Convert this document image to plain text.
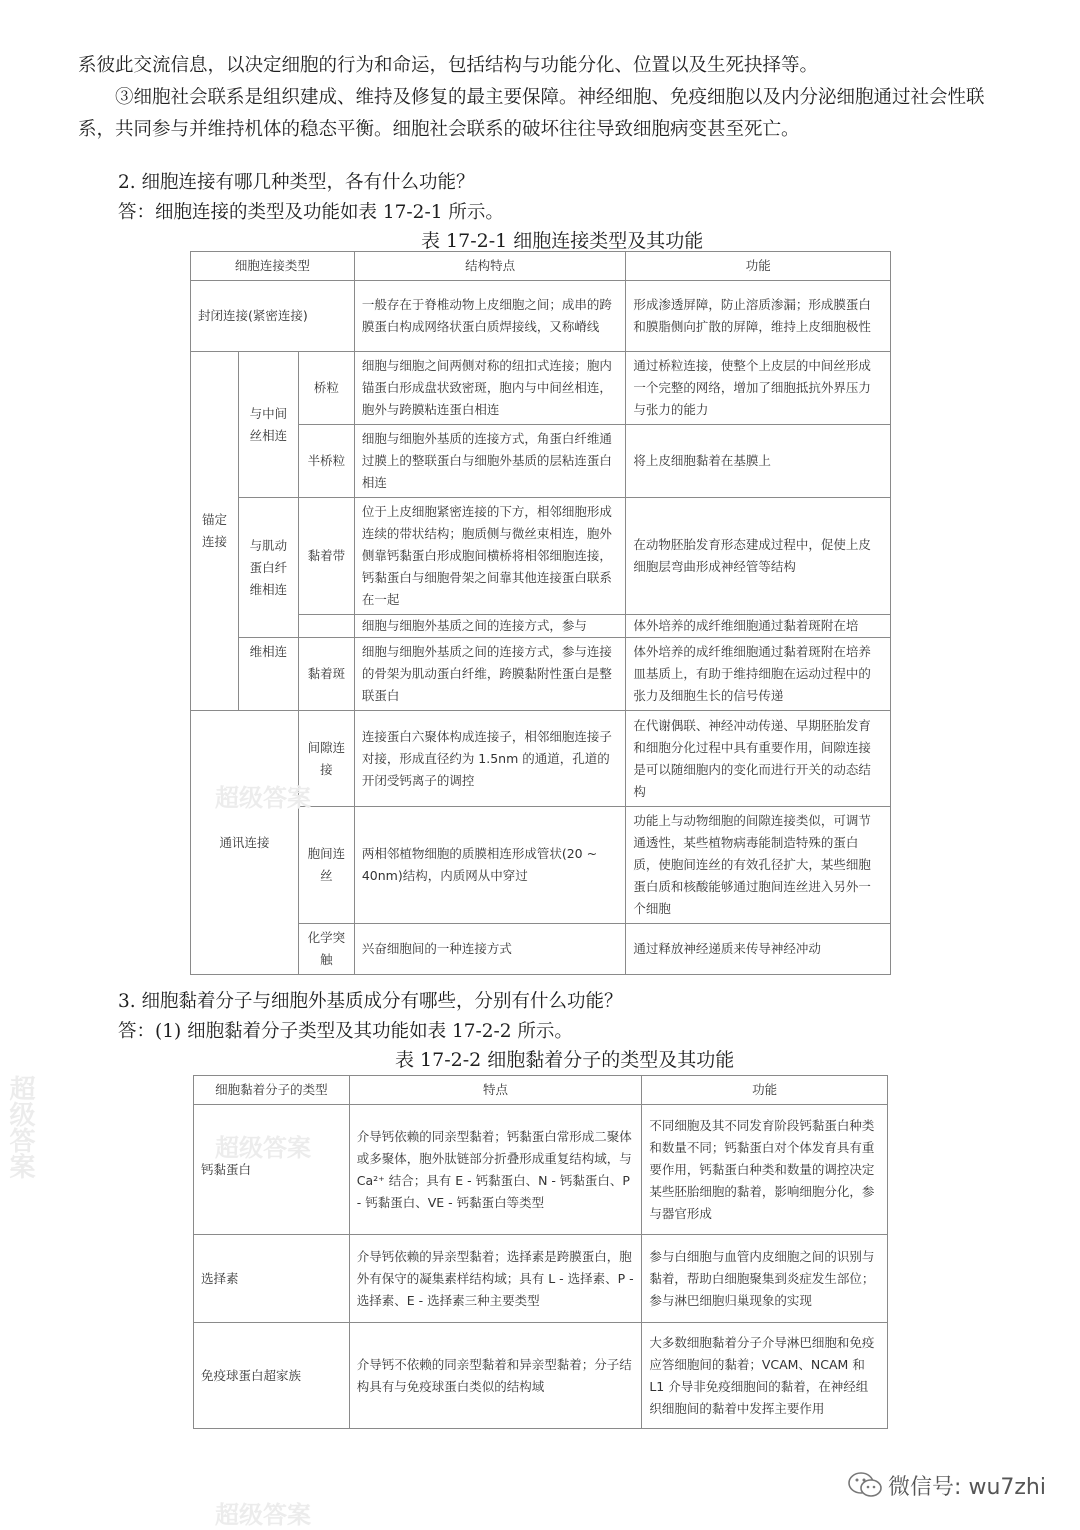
系彼此交流信息，以决定细胞的行为和命运，包括结构与功能分化、位置以及生死抉择等。
③细胞社会联系是组织建成、维持及修复的最主要保障。神经细胞、免疫细胞以及内分泌细胞通过社会性联系，共同参与并维持机体的稳态平衡。细胞社会联系的破坏往往导致细胞病变甚至死亡。
2. 细胞连接有哪几种类型，各有什么功能？
答：细胞连接的类型及功能如表 17-2-1 所示。
表 17-2-1 细胞连接类型及其功能
细胞连接类型			结构特点	功能
封闭连接(紧密连接)			一般存在于脊椎动物上皮细胞之间；成串的跨膜蛋白构成网络状蛋白质焊接线，又称嵴线	形成渗透屏障，防止溶质渗漏；形成膜蛋白和膜脂侧向扩散的屏障，维持上皮细胞极性
锚定连接	与中间丝相连	桥粒	细胞与细胞之间两侧对称的纽扣式连接；胞内锚蛋白形成盘状致密斑，胞内与中间丝相连，胞外与跨膜粘连蛋白相连	通过桥粒连接，使整个上皮层的中间丝形成一个完整的网络，增加了细胞抵抗外界压力与张力的能力
		半桥粒	细胞与细胞外基质的连接方式，角蛋白纤维通过膜上的整联蛋白与细胞外基质的层粘连蛋白相连	将上皮细胞黏着在基膜上
	与肌动蛋白纤维相连	黏着带	位于上皮细胞紧密连接的下方，相邻细胞形成连续的带状结构；胞质侧与微丝束相连，胞外侧靠钙黏蛋白形成胞间横桥将相邻细胞连接，钙黏蛋白与细胞骨架之间靠其他连接蛋白联系在一起	在动物胚胎发育形态建成过程中，促使上皮细胞层弯曲形成神经管等结构
			细胞与细胞外基质之间的连接方式，参与	体外培养的成纤维细胞通过黏着斑附在培
	维相连	黏着斑	细胞与细胞外基质之间的连接方式，参与连接的骨架为肌动蛋白纤维，跨膜黏附性蛋白是整联蛋白	体外培养的成纤维细胞通过黏着斑附在培养皿基质上，有助于维持细胞在运动过程中的张力及细胞生长的信号传递
通讯连接		间隙连接	连接蛋白六聚体构成连接子，相邻细胞连接子对接，形成直径约为 1.5nm 的通道，孔道的开闭受钙离子的调控	在代谢偶联、神经冲动传递、早期胚胎发育和细胞分化过程中具有重要作用，间隙连接是可以随细胞内的变化而进行开关的动态结构
		胞间连丝	两相邻植物细胞的质膜相连形成管状(20 ~ 40nm)结构，内质网从中穿过	功能上与动物细胞的间隙连接类似，可调节通透性，某些植物病毒能制造特殊的蛋白质，使胞间连丝的有效孔径扩大，某些细胞蛋白质和核酸能够通过胞间连丝进入另外一个细胞
		化学突触	兴奋细胞间的一种连接方式	通过释放神经递质来传导神经冲动
3. 细胞黏着分子与细胞外基质成分有哪些，分别有什么功能？
答：(1) 细胞黏着分子类型及其功能如表 17-2-2 所示。
表 17-2-2 细胞黏着分子的类型及其功能
细胞黏着分子的类型	特点	功能
钙黏蛋白	介导钙依赖的同亲型黏着；钙黏蛋白常形成二聚体或多聚体，胞外肽链部分折叠形成重复结构域，与 Ca²⁺ 结合；具有 E - 钙黏蛋白、N - 钙黏蛋白、P - 钙黏蛋白、VE - 钙黏蛋白等类型	不同细胞及其不同发育阶段钙黏蛋白种类和数量不同；钙黏蛋白对个体发育具有重要作用，钙黏蛋白种类和数量的调控决定某些胚胎细胞的黏着，影响细胞分化，参与器官形成
选择素	介导钙依赖的异亲型黏着；选择素是跨膜蛋白，胞外有保守的凝集素样结构域；具有 L - 选择素、P - 选择素、E - 选择素三种主要类型	参与白细胞与血管内皮细胞之间的识别与黏着，帮助白细胞聚集到炎症发生部位；参与淋巴细胞归巢现象的实现
免疫球蛋白超家族	介导钙不依赖的同亲型黏着和异亲型黏着；分子结构具有与免疫球蛋白类似的结构域	大多数细胞黏着分子介导淋巴细胞和免疫应答细胞间的黏着；VCAM、NCAM 和 L1 介导非免疫细胞间的黏着，在神经组织细胞间的黏着中发挥主要作用
超级答案
超级答案
超级答案
超级答案
微信号: wu7zhi
